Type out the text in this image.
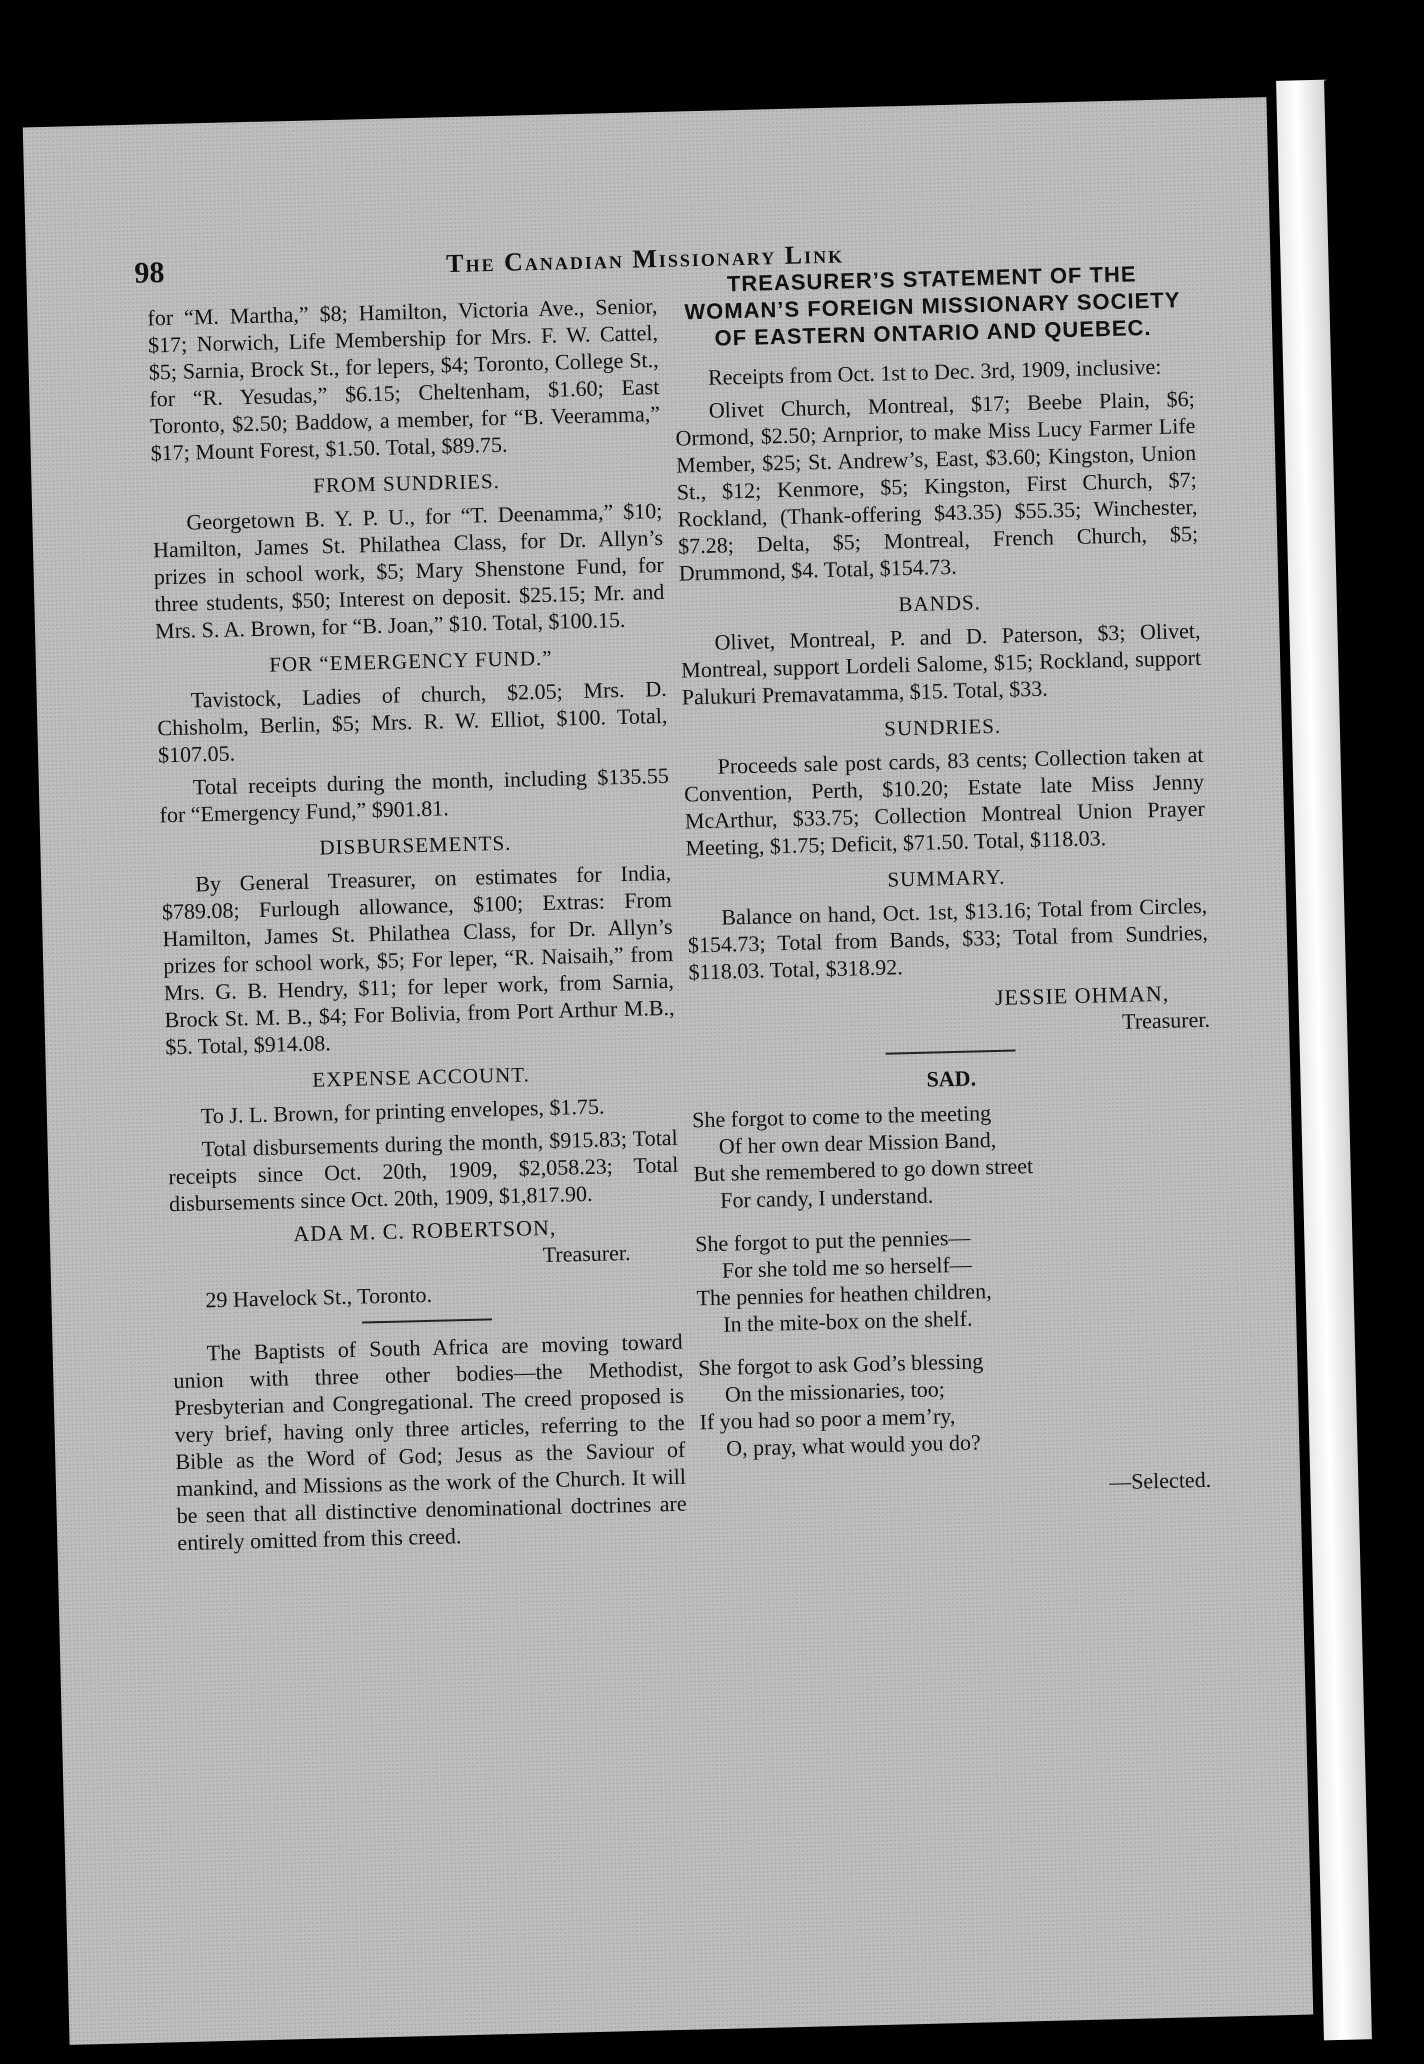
98	The Canadian Missionary Link

for “M. Martha,” $8; Hamilton, Victoria Ave., Senior, $17; Norwich, Life Membership for Mrs. F. W. Cattel, $5; Sarnia, Brock St., for lepers, $4; Toronto, College St., for “R. Yesudas,” $6.15; Cheltenham, $1.60; East Toronto, $2.50; Baddow, a member, for “B. Veeramma,” $17; Mount Forest, $1.50. Total, $89.75.

FROM SUNDRIES.

Georgetown B. Y. P. U., for “T. Deenamma,” $10; Hamilton, James St. Philathea Class, for Dr. Allyn’s prizes in school work, $5; Mary Shenstone Fund, for three students, $50; Interest on deposit. $25.15; Mr. and Mrs. S. A. Brown, for “B. Joan,” $10. Total, $100.15.

FOR “EMERGENCY FUND.”

Tavistock, Ladies of church, $2.05; Mrs. D. Chisholm, Berlin, $5; Mrs. R. W. Elliot, $100. Total, $107.05.

Total receipts during the month, including $135.55 for “Emergency Fund,” $901.81.

DISBURSEMENTS.

By General Treasurer, on estimates for India, $789.08; Furlough allowance, $100; Extras: From Hamilton, James St. Philathea Class, for Dr. Allyn’s prizes for school work, $5; For leper, “R. Naisaih,” from Mrs. G. B. Hendry, $11; for leper work, from Sarnia, Brock St. M. B., $4; For Bolivia, from Port Arthur M.B., $5. Total, $914.08.

EXPENSE ACCOUNT.

To J. L. Brown, for printing envelopes, $1.75.

Total disbursements during the month, $915.83; Total receipts since Oct. 20th, 1909, $2,058.23; Total disbursements since Oct. 20th, 1909, $1,817.90.

ADA M. C. ROBERTSON,
Treasurer.
29 Havelock St., Toronto.

The Baptists of South Africa are moving toward union with three other bodies—the Methodist, Presbyterian and Congregational. The creed proposed is very brief, having only three articles, referring to the Bible as the Word of God; Jesus as the Saviour of mankind, and Missions as the work of the Church. It will be seen that all distinctive denominational doctrines are entirely omitted from this creed.

TREASURER’S STATEMENT OF THE WOMAN’S FOREIGN MISSIONARY SOCIETY OF EASTERN ONTARIO AND QUEBEC.

Receipts from Oct. 1st to Dec. 3rd, 1909, inclusive:

Olivet Church, Montreal, $17; Beebe Plain, $6; Ormond, $2.50; Arnprior, to make Miss Lucy Farmer Life Member, $25; St. Andrew’s, East, $3.60; Kingston, Union St., $12; Kenmore, $5; Kingston, First Church, $7; Rockland, (Thank-offering $43.35) $55.35; Winchester, $7.28; Delta, $5; Montreal, French Church, $5; Drummond, $4. Total, $154.73.

BANDS.

Olivet, Montreal, P. and D. Paterson, $3; Olivet, Montreal, support Lordeli Salome, $15; Rockland, support Palukuri Premavatamma, $15. Total, $33.

SUNDRIES.

Proceeds sale post cards, 83 cents; Collection taken at Convention, Perth, $10.20; Estate late Miss Jenny McArthur, $33.75; Collection Montreal Union Prayer Meeting, $1.75; Deficit, $71.50. Total, $118.03.

SUMMARY.

Balance on hand, Oct. 1st, $13.16; Total from Circles, $154.73; Total from Bands, $33; Total from Sundries, $118.03. Total, $318.92.

JESSIE OHMAN,
Treasurer.
SAD.
She forgot to come to the meeting
Of her own dear Mission Band,
But she remembered to go down street
For candy, I understand.
She forgot to put the pennies—
For she told me so herself—
The pennies for heathen children,
In the mite-box on the shelf.
She forgot to ask God’s blessing
On the missionaries, too;
If you had so poor a mem’ry,
O, pray, what would you do?
—Selected.
